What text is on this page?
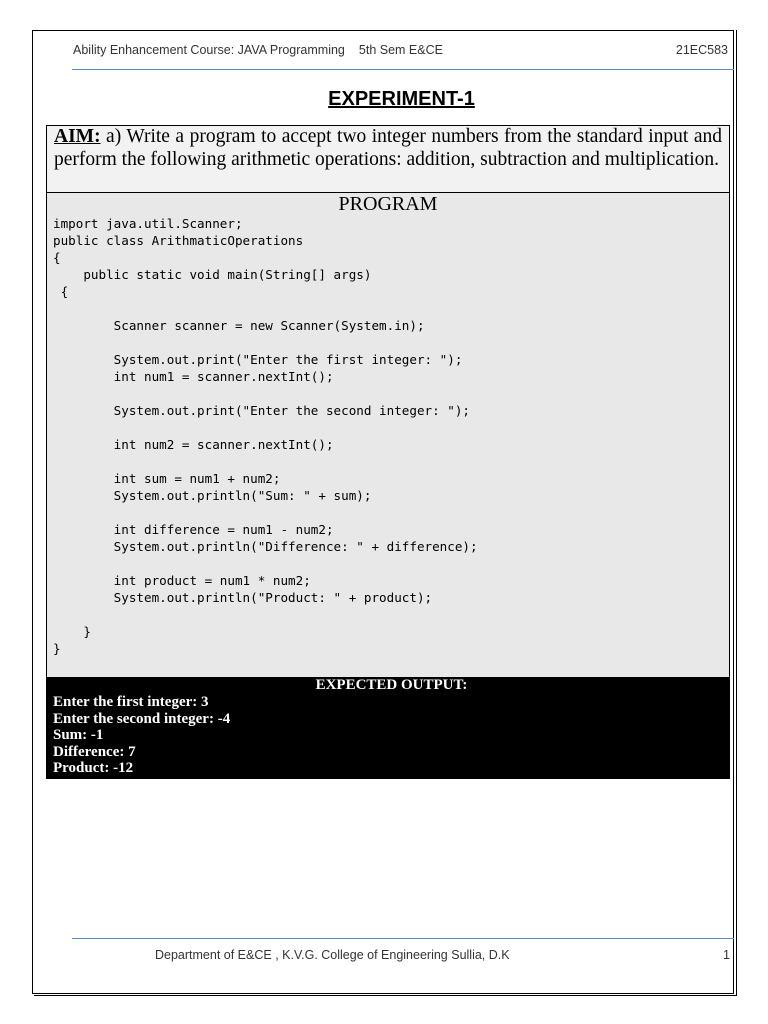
Ability Enhancement Course: JAVA Programming 5th Sem E&CE	21EC583
EXPERIMENT-1
AIM: a) Write a program to accept two integer numbers from the standard input and perform the following arithmetic operations: addition, subtraction and multiplication.
PROGRAM
import java.util.Scanner;
public class ArithmaticOperations
{
public static void main(String[] args)
{

Scanner scanner = new Scanner(System.in);

System.out.print("Enter the first integer: ");
int num1 = scanner.nextInt();

System.out.print("Enter the second integer: ");

int num2 = scanner.nextInt();

int sum = num1 + num2;
System.out.println("Sum: " + sum);

int difference = num1 - num2;
System.out.println("Difference: " + difference);

int product = num1 * num2;
System.out.println("Product: " + product);

}
}
EXPECTED OUTPUT:
Enter the first integer: 3
Enter the second integer: -4
Sum: -1
Difference: 7
Product: -12
Department of E&CE , K.V.G. College of Engineering Sullia, D.K	1
